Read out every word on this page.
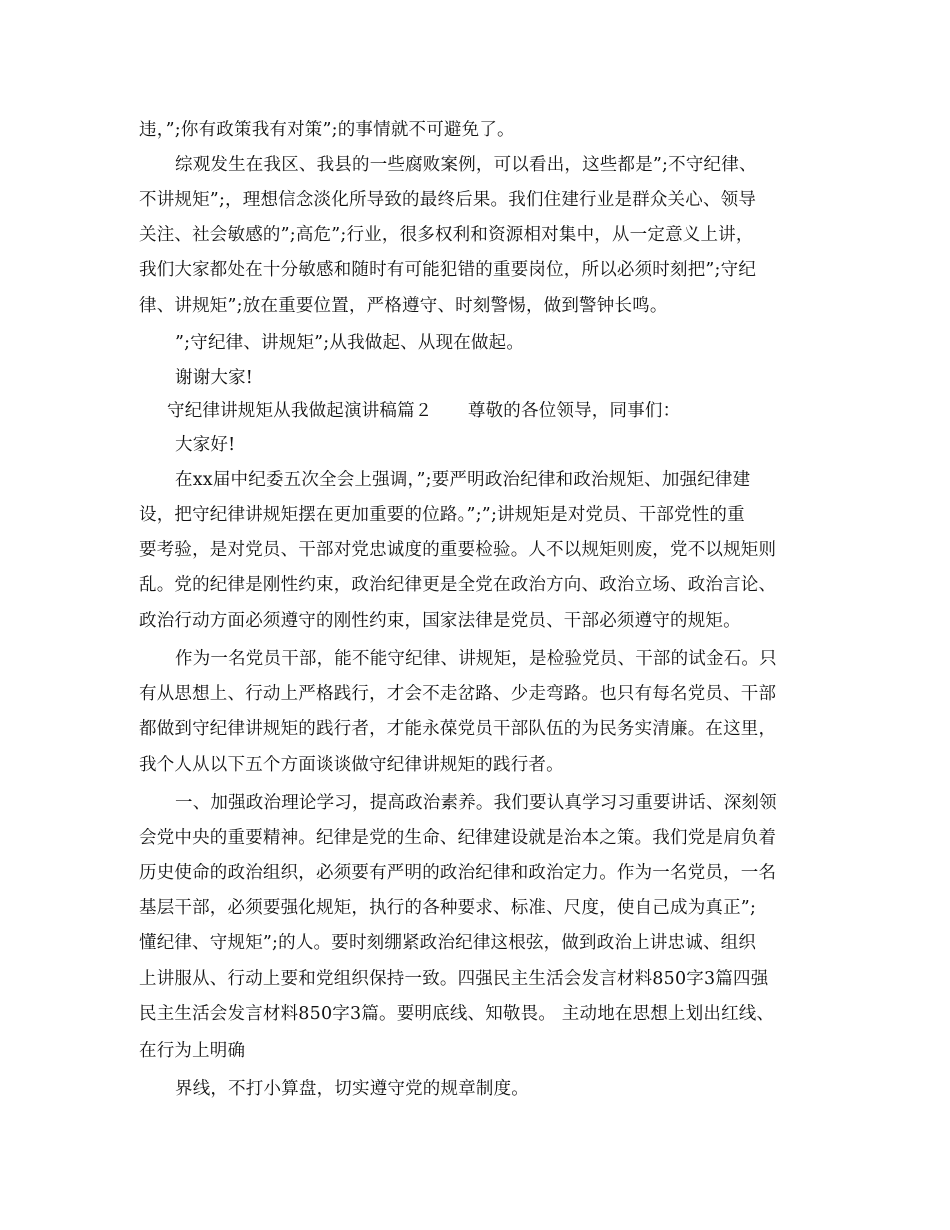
违，”;你有政策我有对策”;的事情就不可避免了。
综观发生在我区、我县的一些腐败案例，可以看出，这些都是”;不守纪律、
不讲规矩”;，理想信念淡化所导致的最终后果。我们住建行业是群众关心、领导
关注、社会敏感的”;高危”;行业，很多权利和资源相对集中，从一定意义上讲，
我们大家都处在十分敏感和随时有可能犯错的重要岗位，所以必须时刻把”;守纪
律、讲规矩”;放在重要位置，严格遵守、时刻警惕，做到警钟长鸣。
”;守纪律、讲规矩”;从我做起、从现在做起。
谢谢大家!
守纪律讲规矩从我做起演讲稿篇２　　尊敬的各位领导，同事们：
大家好!
在xx届中纪委五次全会上强调，”;要严明政治纪律和政治规矩、加强纪律建
设，把守纪律讲规矩摆在更加重要的位路。”;”;讲规矩是对党员、干部党性的重
要考验，是对党员、干部对党忠诚度的重要检验。人不以规矩则废，党不以规矩则
乱。党的纪律是刚性约束，政治纪律更是全党在政治方向、政治立场、政治言论、
政治行动方面必须遵守的刚性约束，国家法律是党员、干部必须遵守的规矩。
作为一名党员干部，能不能守纪律、讲规矩，是检验党员、干部的试金石。只
有从思想上、行动上严格践行，才会不走岔路、少走弯路。也只有每名党员、干部
都做到守纪律讲规矩的践行者，才能永葆党员干部队伍的为民务实清廉。在这里，
我个人从以下五个方面谈谈做守纪律讲规矩的践行者。
一、加强政治理论学习，提高政治素养。我们要认真学习习重要讲话、深刻领
会党中央的重要精神。纪律是党的生命、纪律建设就是治本之策。我们党是肩负着
历史使命的政治组织，必须要有严明的政治纪律和政治定力。作为一名党员，一名
基层干部，必须要强化规矩，执行的各种要求、标准、尺度，使自己成为真正”;
懂纪律、守规矩”;的人。要时刻绷紧政治纪律这根弦，做到政治上讲忠诚、组织
上讲服从、行动上要和党组织保持一致。四强民主生活会发言材料850字3篇四强
民主生活会发言材料850字3篇。要明底线、知敬畏。 主动地在思想上划出红线、
在行为上明确
界线，不打小算盘，切实遵守党的规章制度。
